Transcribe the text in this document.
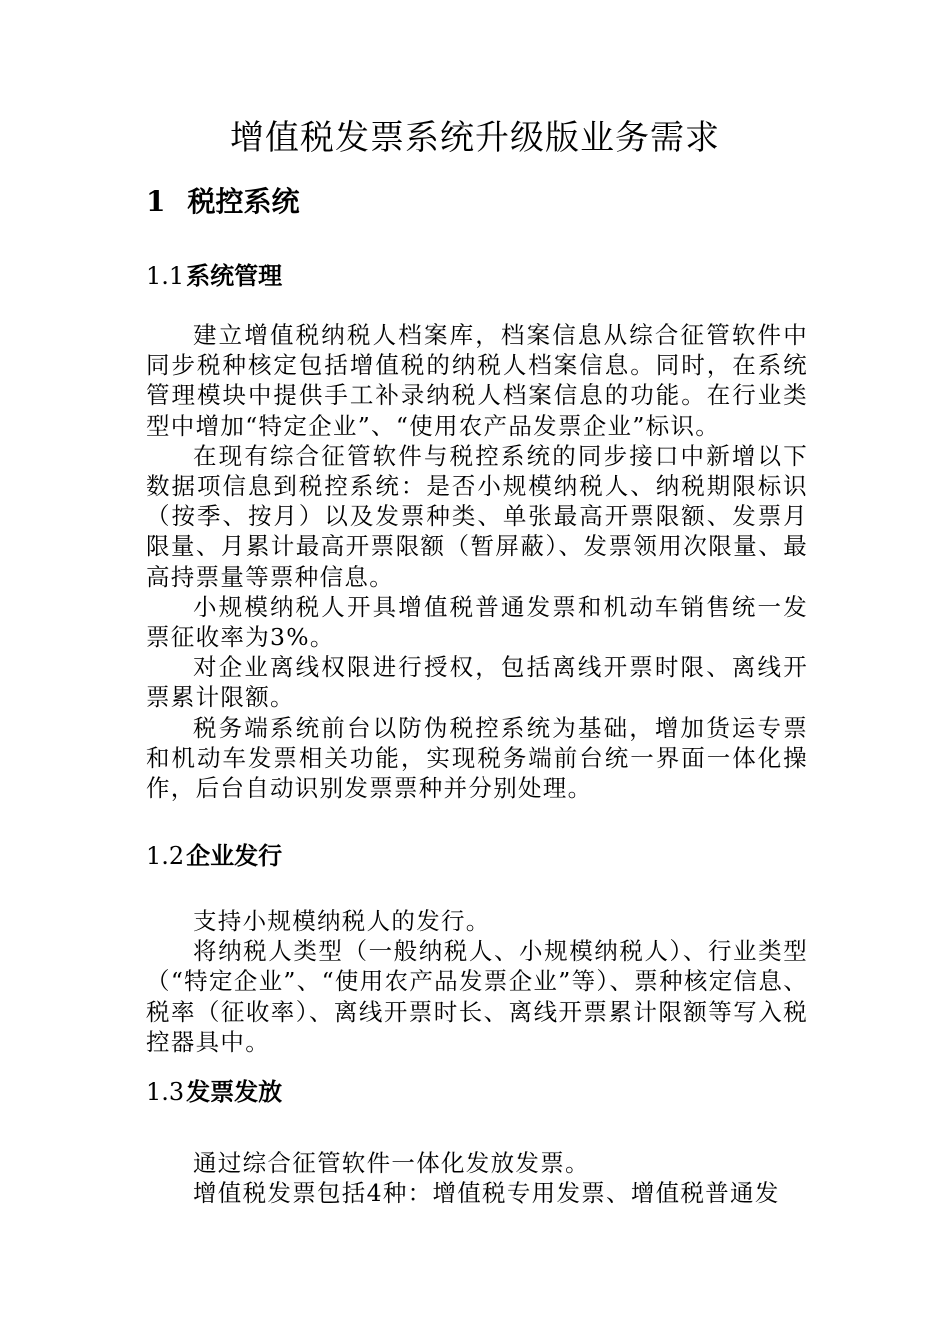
增值税发票系统升级版业务需求
1 税控系统
1.1系统管理

建立增值税纳税人档案库，档案信息从综合征管软件中同步税种核定包括增值税的纳税人档案信息。同时，在系统管理模块中提供手工补录纳税人档案信息的功能。在行业类型中增加“特定企业”、“使用农产品发票企业”标识。

在现有综合征管软件与税控系统的同步接口中新增以下数据项信息到税控系统：是否小规模纳税人、纳税期限标识（按季、按月）以及发票种类、单张最高开票限额、发票月限量、月累计最高开票限额（暂屏蔽）、发票领用次限量、最高持票量等票种信息。

小规模纳税人开具增值税普通发票和机动车销售统一发票征收率为3%。

对企业离线权限进行授权，包括离线开票时限、离线开票累计限额。

税务端系统前台以防伪税控系统为基础，增加货运专票和机动车发票相关功能，实现税务端前台统一界面一体化操作，后台自动识别发票票种并分别处理。

1.2企业发行

支持小规模纳税人的发行。

将纳税人类型（一般纳税人、小规模纳税人）、行业类型（“特定企业”、“使用农产品发票企业”等）、票种核定信息、税率（征收率）、离线开票时长、离线开票累计限额等写入税控器具中。

1.3发票发放

通过综合征管软件一体化发放发票。

增值税发票包括4种：增值税专用发票、增值税普通发
